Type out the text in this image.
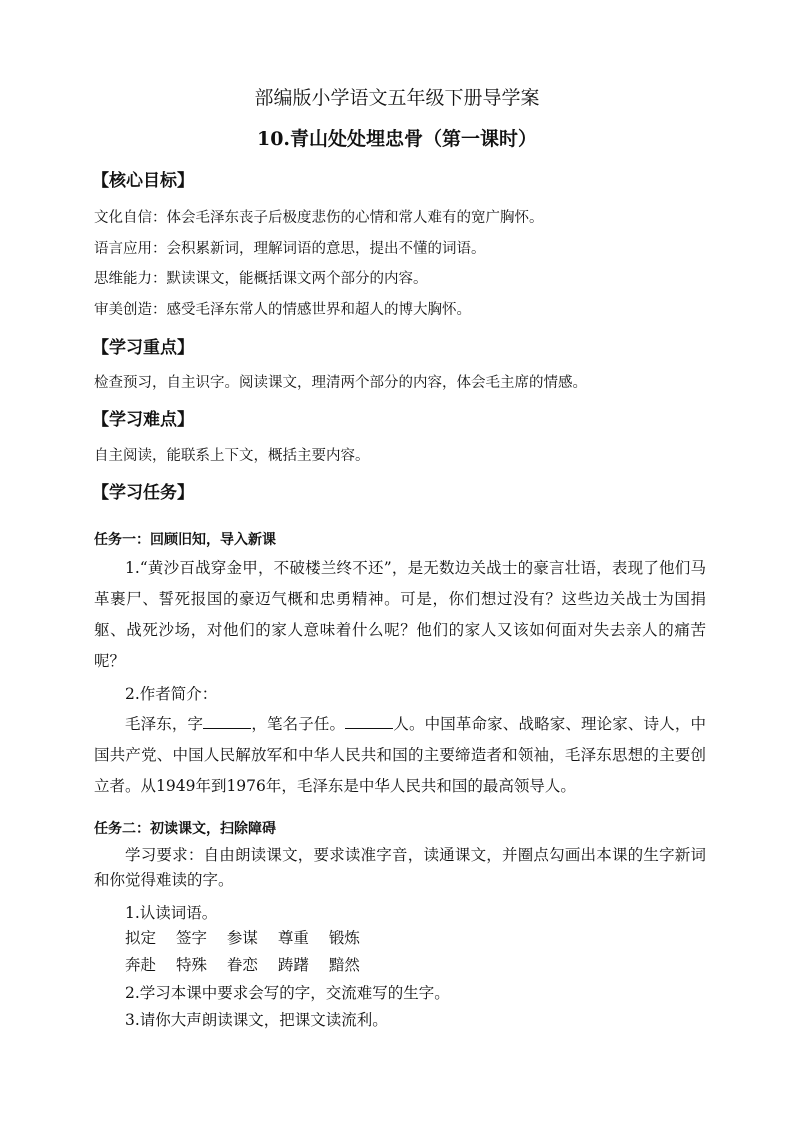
部编版小学语文五年级下册导学案
10.青山处处埋忠骨（第一课时）
【核心目标】
文化自信：体会毛泽东丧子后极度悲伤的心情和常人难有的宽广胸怀。
语言应用：会积累新词，理解词语的意思，提出不懂的词语。
思维能力：默读课文，能概括课文两个部分的内容。
审美创造：感受毛泽东常人的情感世界和超人的博大胸怀。
【学习重点】
检查预习，自主识字。阅读课文，理清两个部分的内容，体会毛主席的情感。
【学习难点】
自主阅读，能联系上下文，概括主要内容。
【学习任务】
任务一：回顾旧知，导入新课
1.“黄沙百战穿金甲，不破楼兰终不还”，是无数边关战士的豪言壮语，表现了他们马革裹尸、誓死报国的豪迈气概和忠勇精神。可是，你们想过没有？这些边关战士为国捐躯、战死沙场，对他们的家人意味着什么呢？他们的家人又该如何面对失去亲人的痛苦呢？
2.作者简介：
毛泽东，字	，笔名子任。	人。中国革命家、战略家、理论家、诗人，中国共产党、中国人民解放军和中华人民共和国的主要缔造者和领袖，毛泽东思想的主要创立者。从1949年到1976年，毛泽东是中华人民共和国的最高领导人。
任务二：初读课文，扫除障碍
学习要求：自由朗读课文，要求读准字音，读通课文，并圈点勾画出本课的生字新词和你觉得难读的字。
1.认读词语。
拟定 签字 参谋 尊重 锻炼
奔赴 特殊 眷恋 踌躇 黯然
2.学习本课中要求会写的字，交流难写的生字。
3.请你大声朗读课文，把课文读流利。
